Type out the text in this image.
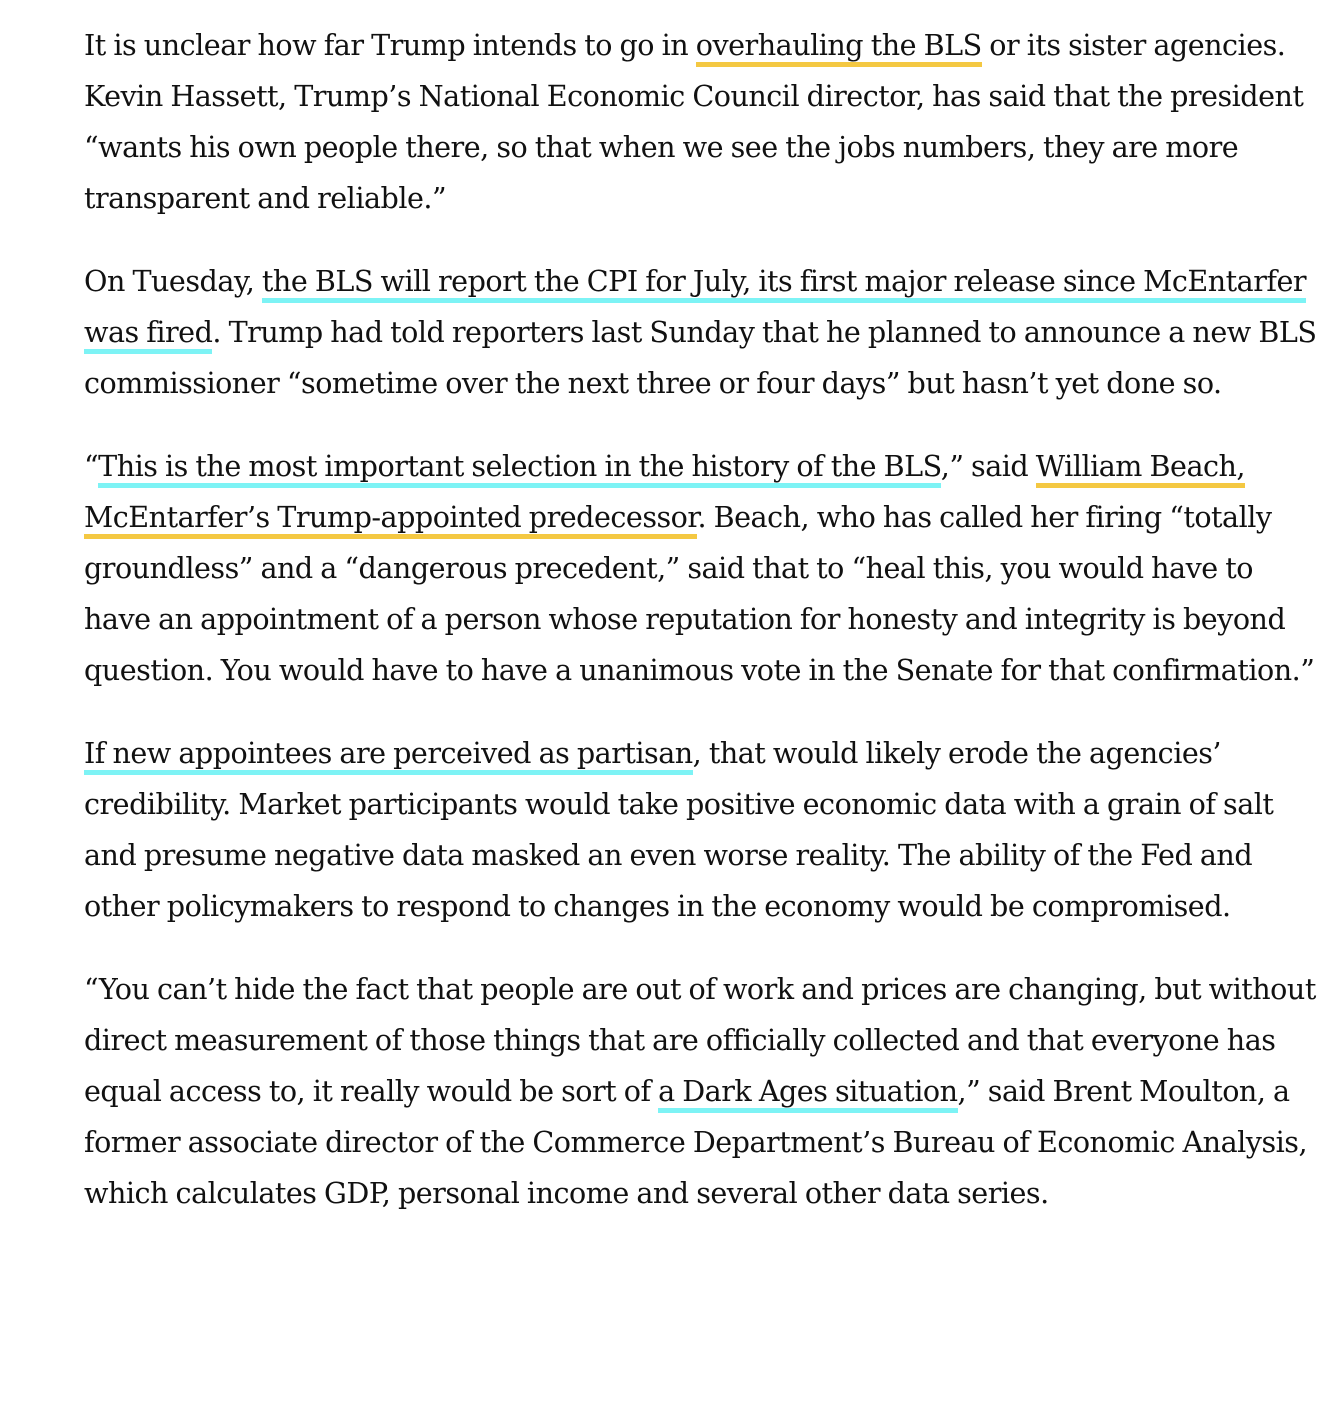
It is unclear how far Trump intends to go in overhauling the BLS or its sister agencies. Kevin Hassett, Trump’s National Economic Council director, has said that the president “wants his own people there, so that when we see the jobs numbers, they are more transparent and reliable.”

On Tuesday, the BLS will report the CPI for July, its first major release since McEntarfer was fired. Trump had told reporters last Sunday that he planned to announce a new BLS commissioner “sometime over the next three or four days” but hasn’t yet done so.

“This is the most important selection in the history of the BLS,” said William Beach, McEntarfer’s Trump-appointed predecessor. Beach, who has called her firing “totally groundless” and a “dangerous precedent,” said that to “heal this, you would have to have an appointment of a person whose reputation for honesty and integrity is beyond question. You would have to have a unanimous vote in the Senate for that confirmation.”

If new appointees are perceived as partisan, that would likely erode the agencies’ credibility. Market participants would take positive economic data with a grain of salt and presume negative data masked an even worse reality. The ability of the Fed and other policymakers to respond to changes in the economy would be compromised.

“You can’t hide the fact that people are out of work and prices are changing, but without direct measurement of those things that are officially collected and that everyone has equal access to, it really would be sort of a Dark Ages situation,” said Brent Moulton, a former associate director of the Commerce Department’s Bureau of Economic Analysis, which calculates GDP, personal income and several other data series.
